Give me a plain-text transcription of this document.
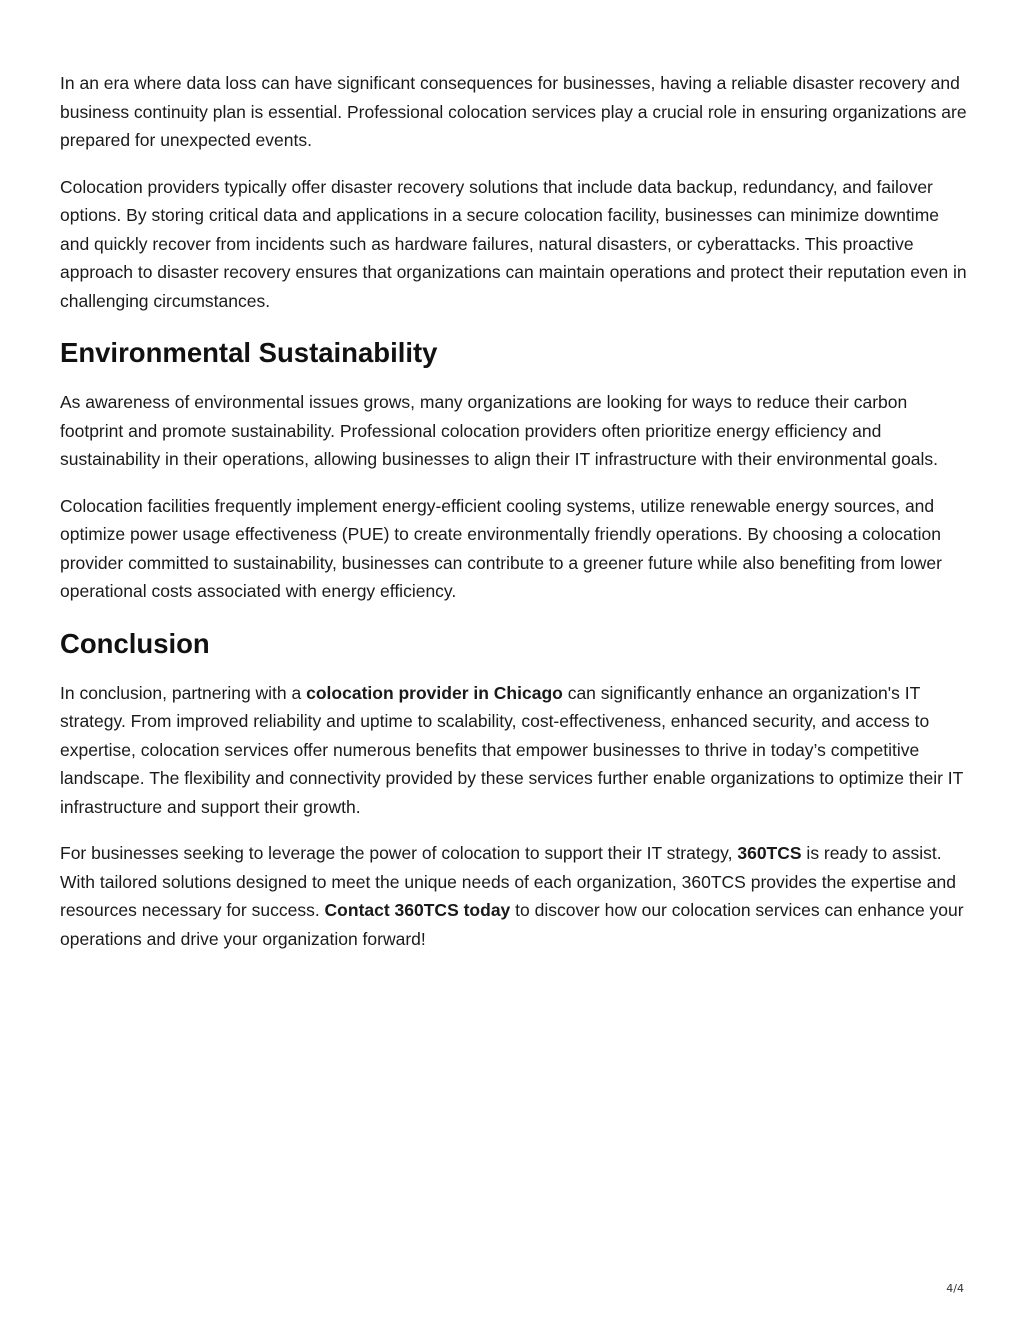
In an era where data loss can have significant consequences for businesses, having a reliable disaster recovery and business continuity plan is essential. Professional colocation services play a crucial role in ensuring organizations are prepared for unexpected events.

Colocation providers typically offer disaster recovery solutions that include data backup, redundancy, and failover options. By storing critical data and applications in a secure colocation facility, businesses can minimize downtime and quickly recover from incidents such as hardware failures, natural disasters, or cyberattacks. This proactive approach to disaster recovery ensures that organizations can maintain operations and protect their reputation even in challenging circumstances.

Environmental Sustainability

As awareness of environmental issues grows, many organizations are looking for ways to reduce their carbon footprint and promote sustainability. Professional colocation providers often prioritize energy efficiency and sustainability in their operations, allowing businesses to align their IT infrastructure with their environmental goals.

Colocation facilities frequently implement energy-efficient cooling systems, utilize renewable energy sources, and optimize power usage effectiveness (PUE) to create environmentally friendly operations. By choosing a colocation provider committed to sustainability, businesses can contribute to a greener future while also benefiting from lower operational costs associated with energy efficiency.

Conclusion

In conclusion, partnering with a colocation provider in Chicago can significantly enhance an organization's IT strategy. From improved reliability and uptime to scalability, cost-effectiveness, enhanced security, and access to expertise, colocation services offer numerous benefits that empower businesses to thrive in today’s competitive landscape. The flexibility and connectivity provided by these services further enable organizations to optimize their IT infrastructure and support their growth.

For businesses seeking to leverage the power of colocation to support their IT strategy, 360TCS is ready to assist. With tailored solutions designed to meet the unique needs of each organization, 360TCS provides the expertise and resources necessary for success. Contact 360TCS today to discover how our colocation services can enhance your operations and drive your organization forward!

4/4
